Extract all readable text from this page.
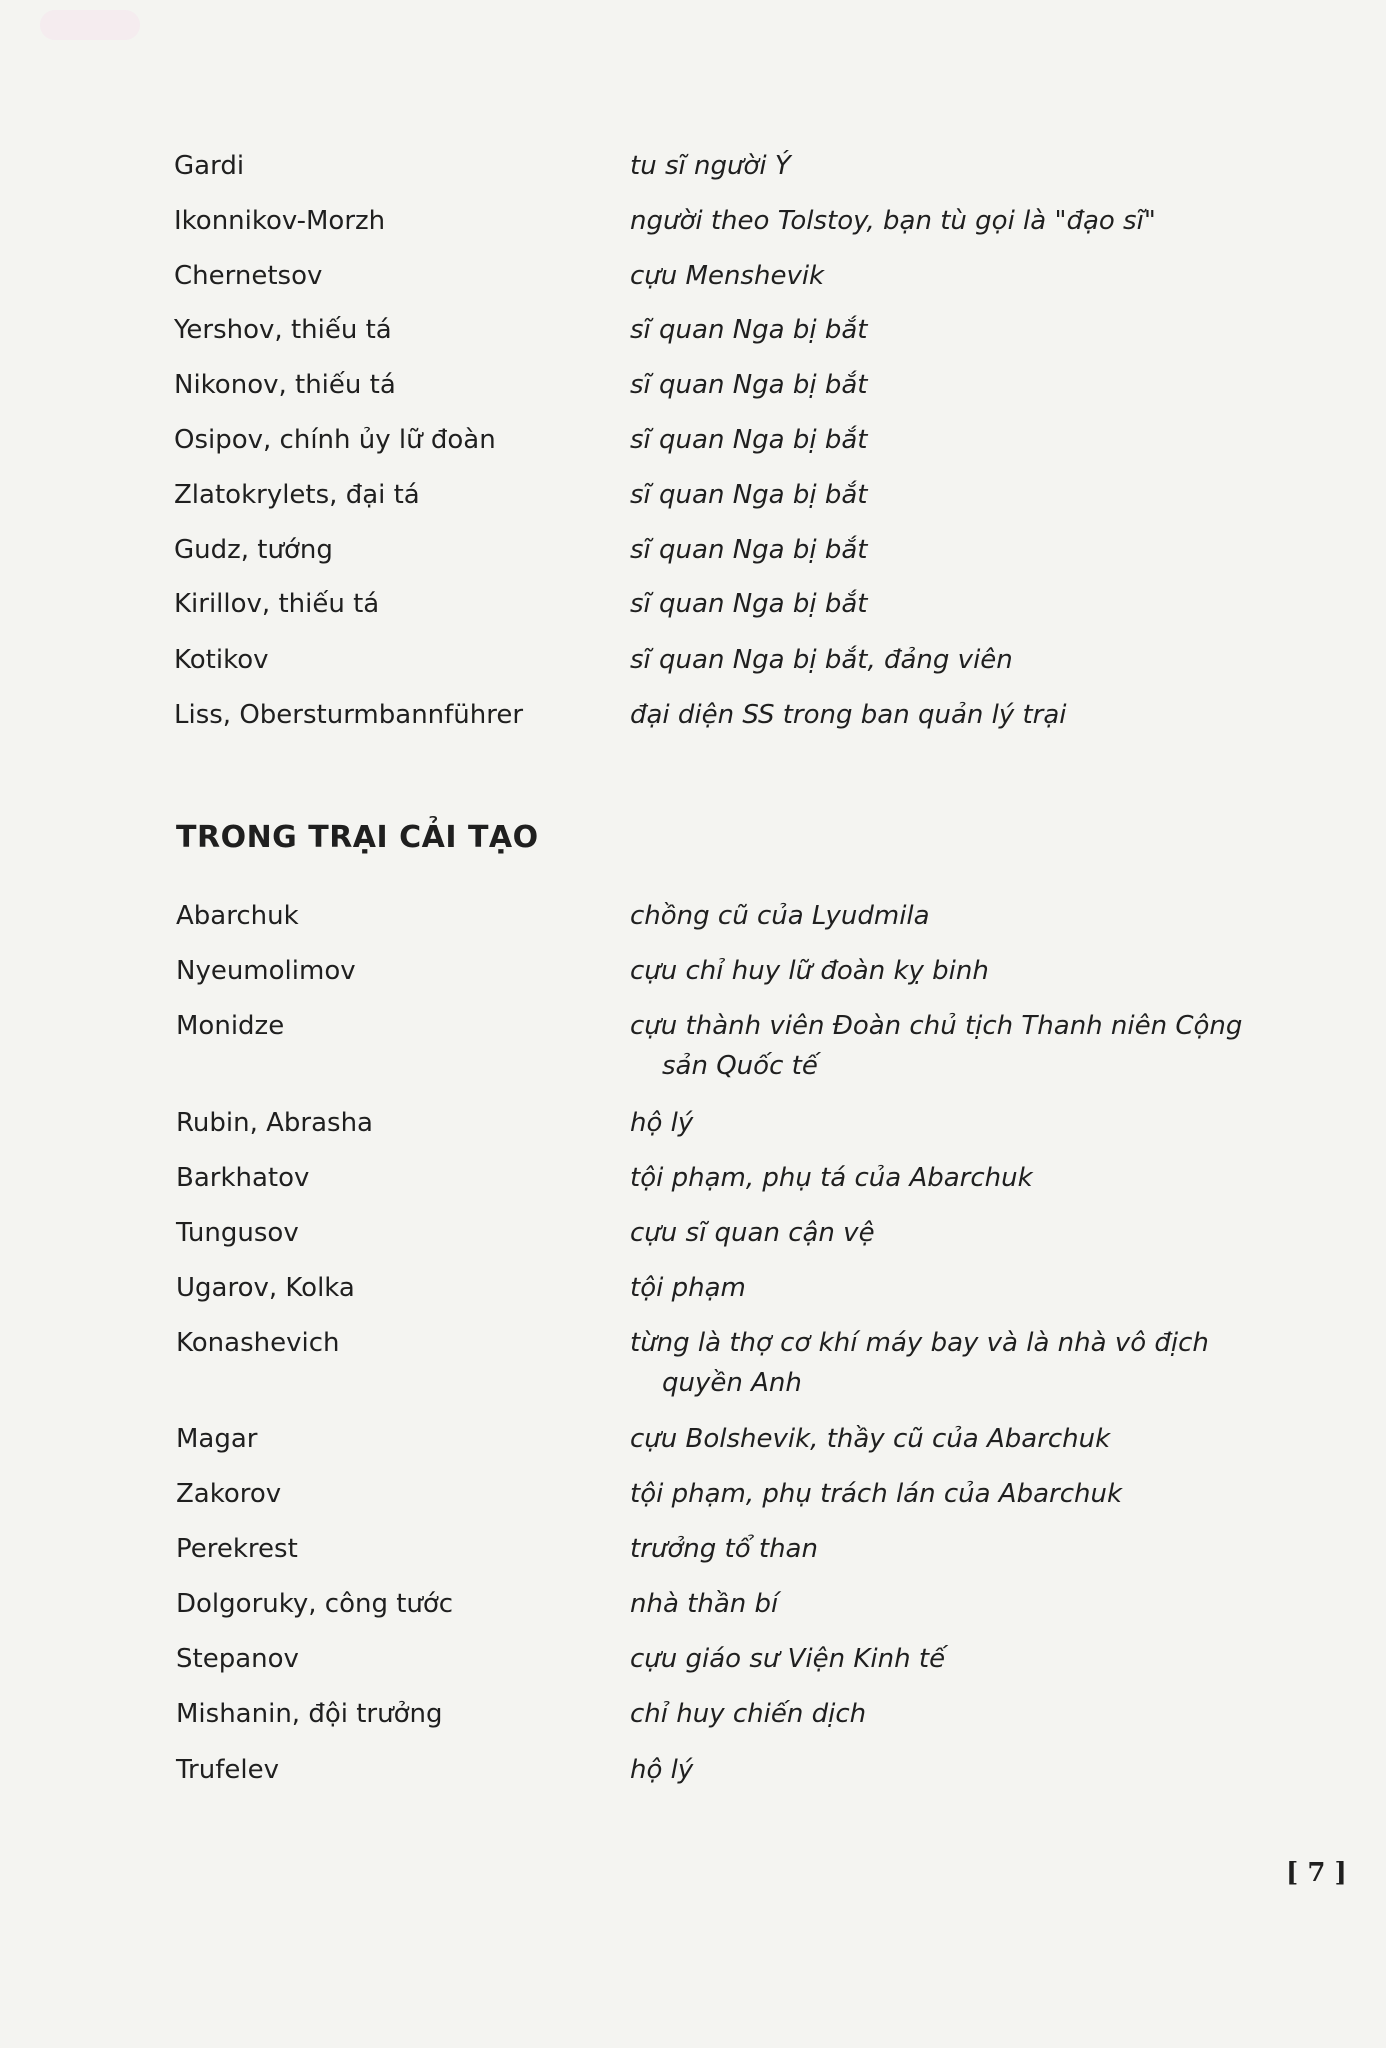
Gardi	tu sĩ người Ý
Ikonnikov-Morzh	người theo Tolstoy, bạn tù gọi là "đạo sĩ"
Chernetsov	cựu Menshevik
Yershov, thiếu tá	sĩ quan Nga bị bắt
Nikonov, thiếu tá	sĩ quan Nga bị bắt
Osipov, chính ủy lữ đoàn	sĩ quan Nga bị bắt
Zlatokrylets, đại tá	sĩ quan Nga bị bắt
Gudz, tướng	sĩ quan Nga bị bắt
Kirillov, thiếu tá	sĩ quan Nga bị bắt
Kotikov	sĩ quan Nga bị bắt, đảng viên
Liss, Obersturmbannführer	đại diện SS trong ban quản lý trại
TRONG TRẠI CẢI TẠO
Abarchuk	chồng cũ của Lyudmila
Nyeumolimov	cựu chỉ huy lữ đoàn kỵ binh
Monidze	cựu thành viên Đoàn chủ tịch Thanh niên Cộng
sản Quốc tế
Rubin, Abrasha	hộ lý
Barkhatov	tội phạm, phụ tá của Abarchuk
Tungusov	cựu sĩ quan cận vệ
Ugarov, Kolka	tội phạm
Konashevich	từng là thợ cơ khí máy bay và là nhà vô địch
quyền Anh
Magar	cựu Bolshevik, thầy cũ của Abarchuk
Zakorov	tội phạm, phụ trách lán của Abarchuk
Perekrest	trưởng tổ than
Dolgoruky, công tước	nhà thần bí
Stepanov	cựu giáo sư Viện Kinh tế
Mishanin, đội trưởng	chỉ huy chiến dịch
Trufelev	hộ lý
[ 7 ]
